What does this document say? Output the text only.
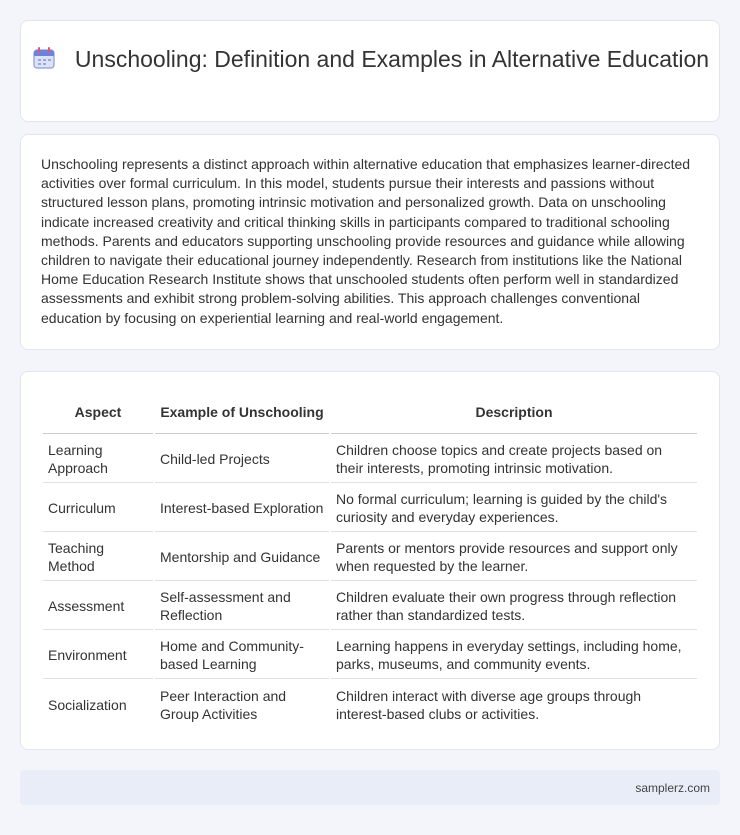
Unschooling: Definition and Examples in Alternative Education

Unschooling represents a distinct approach within alternative education that emphasizes learner-directed activities over formal curriculum. In this model, students pursue their interests and passions without structured lesson plans, promoting intrinsic motivation and personalized growth. Data on unschooling indicate increased creativity and critical thinking skills in participants compared to traditional schooling methods. Parents and educators supporting unschooling provide resources and guidance while allowing children to navigate their educational journey independently. Research from institutions like the National Home Education Research Institute shows that unschooled students often perform well in standardized assessments and exhibit strong problem-solving abilities. This approach challenges conventional education by focusing on experiential learning and real-world engagement.

Aspect	Example of Unschooling	Description
Learning Approach	Child-led Projects	Children choose topics and create projects based on their interests, promoting intrinsic motivation.
Curriculum	Interest-based Exploration	No formal curriculum; learning is guided by the child's curiosity and everyday experiences.
Teaching Method	Mentorship and Guidance	Parents or mentors provide resources and support only when requested by the learner.
Assessment	Self-assessment and Reflection	Children evaluate their own progress through reflection rather than standardized tests.
Environment	Home and Community-based Learning	Learning happens in everyday settings, including home, parks, museums, and community events.
Socialization	Peer Interaction and Group Activities	Children interact with diverse age groups through interest-based clubs or activities.
samplerz.com
